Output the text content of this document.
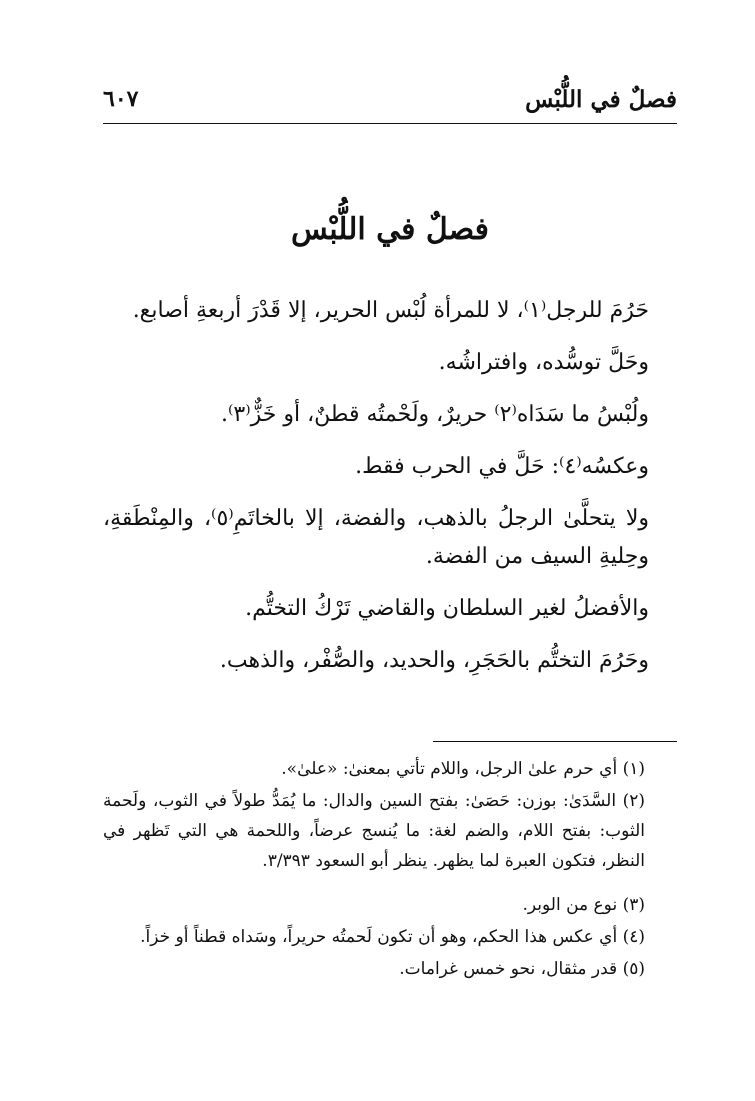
فصلٌ في اللُّبْس
٦٠٧
فصلٌ في اللُّبْس

حَرُمَ للرجل⁽١⁾، لا للمرأة لُبْس الحرير، إلا قَدْرَ أربعةِ أصابع.

وحَلَّ توسُّده، وافتراشُه.

ولُبْسُ ما سَدَاه⁽٢⁾ حريرٌ، ولَحْمتُه قطنٌ، أو خَزٌّ⁽٣⁾.

وعكسُه⁽٤⁾: حَلَّ في الحرب فقط.

ولا يتحلَّىٰ الرجلُ بالذهب، والفضة، إلا بالخاتَمِ⁽٥⁾، والمِنْطَقةِ، وحِليةِ السيف من الفضة.

والأفضلُ لغير السلطان والقاضي تَرْكُ التختُّم.

وحَرُمَ التختُّم بالحَجَرِ، والحديد، والصُّفْر، والذهب.

(١) أي حرم علىٰ الرجل، واللام تأتي بمعنىٰ: «علىٰ».

(٢) السَّدَىٰ: بوزن: حَصَىٰ: بفتح السين والدال: ما يُمَدُّ طولاً في الثوب، ولَحمة الثوب: بفتح اللام، والضم لغة: ما يُنسج عرضاً، واللحمة هي التي تَظهر في النظر، فتكون العبرة لما يظهر. ينظر أبو السعود ٣/٣٩٣.

(٣) نوع من الوبر.

(٤) أي عكس هذا الحكم، وهو أن تكون لَحمتُه حريراً، وسَداه قطناً أو خزاً.

(٥) قدر مثقال، نحو خمس غرامات.
